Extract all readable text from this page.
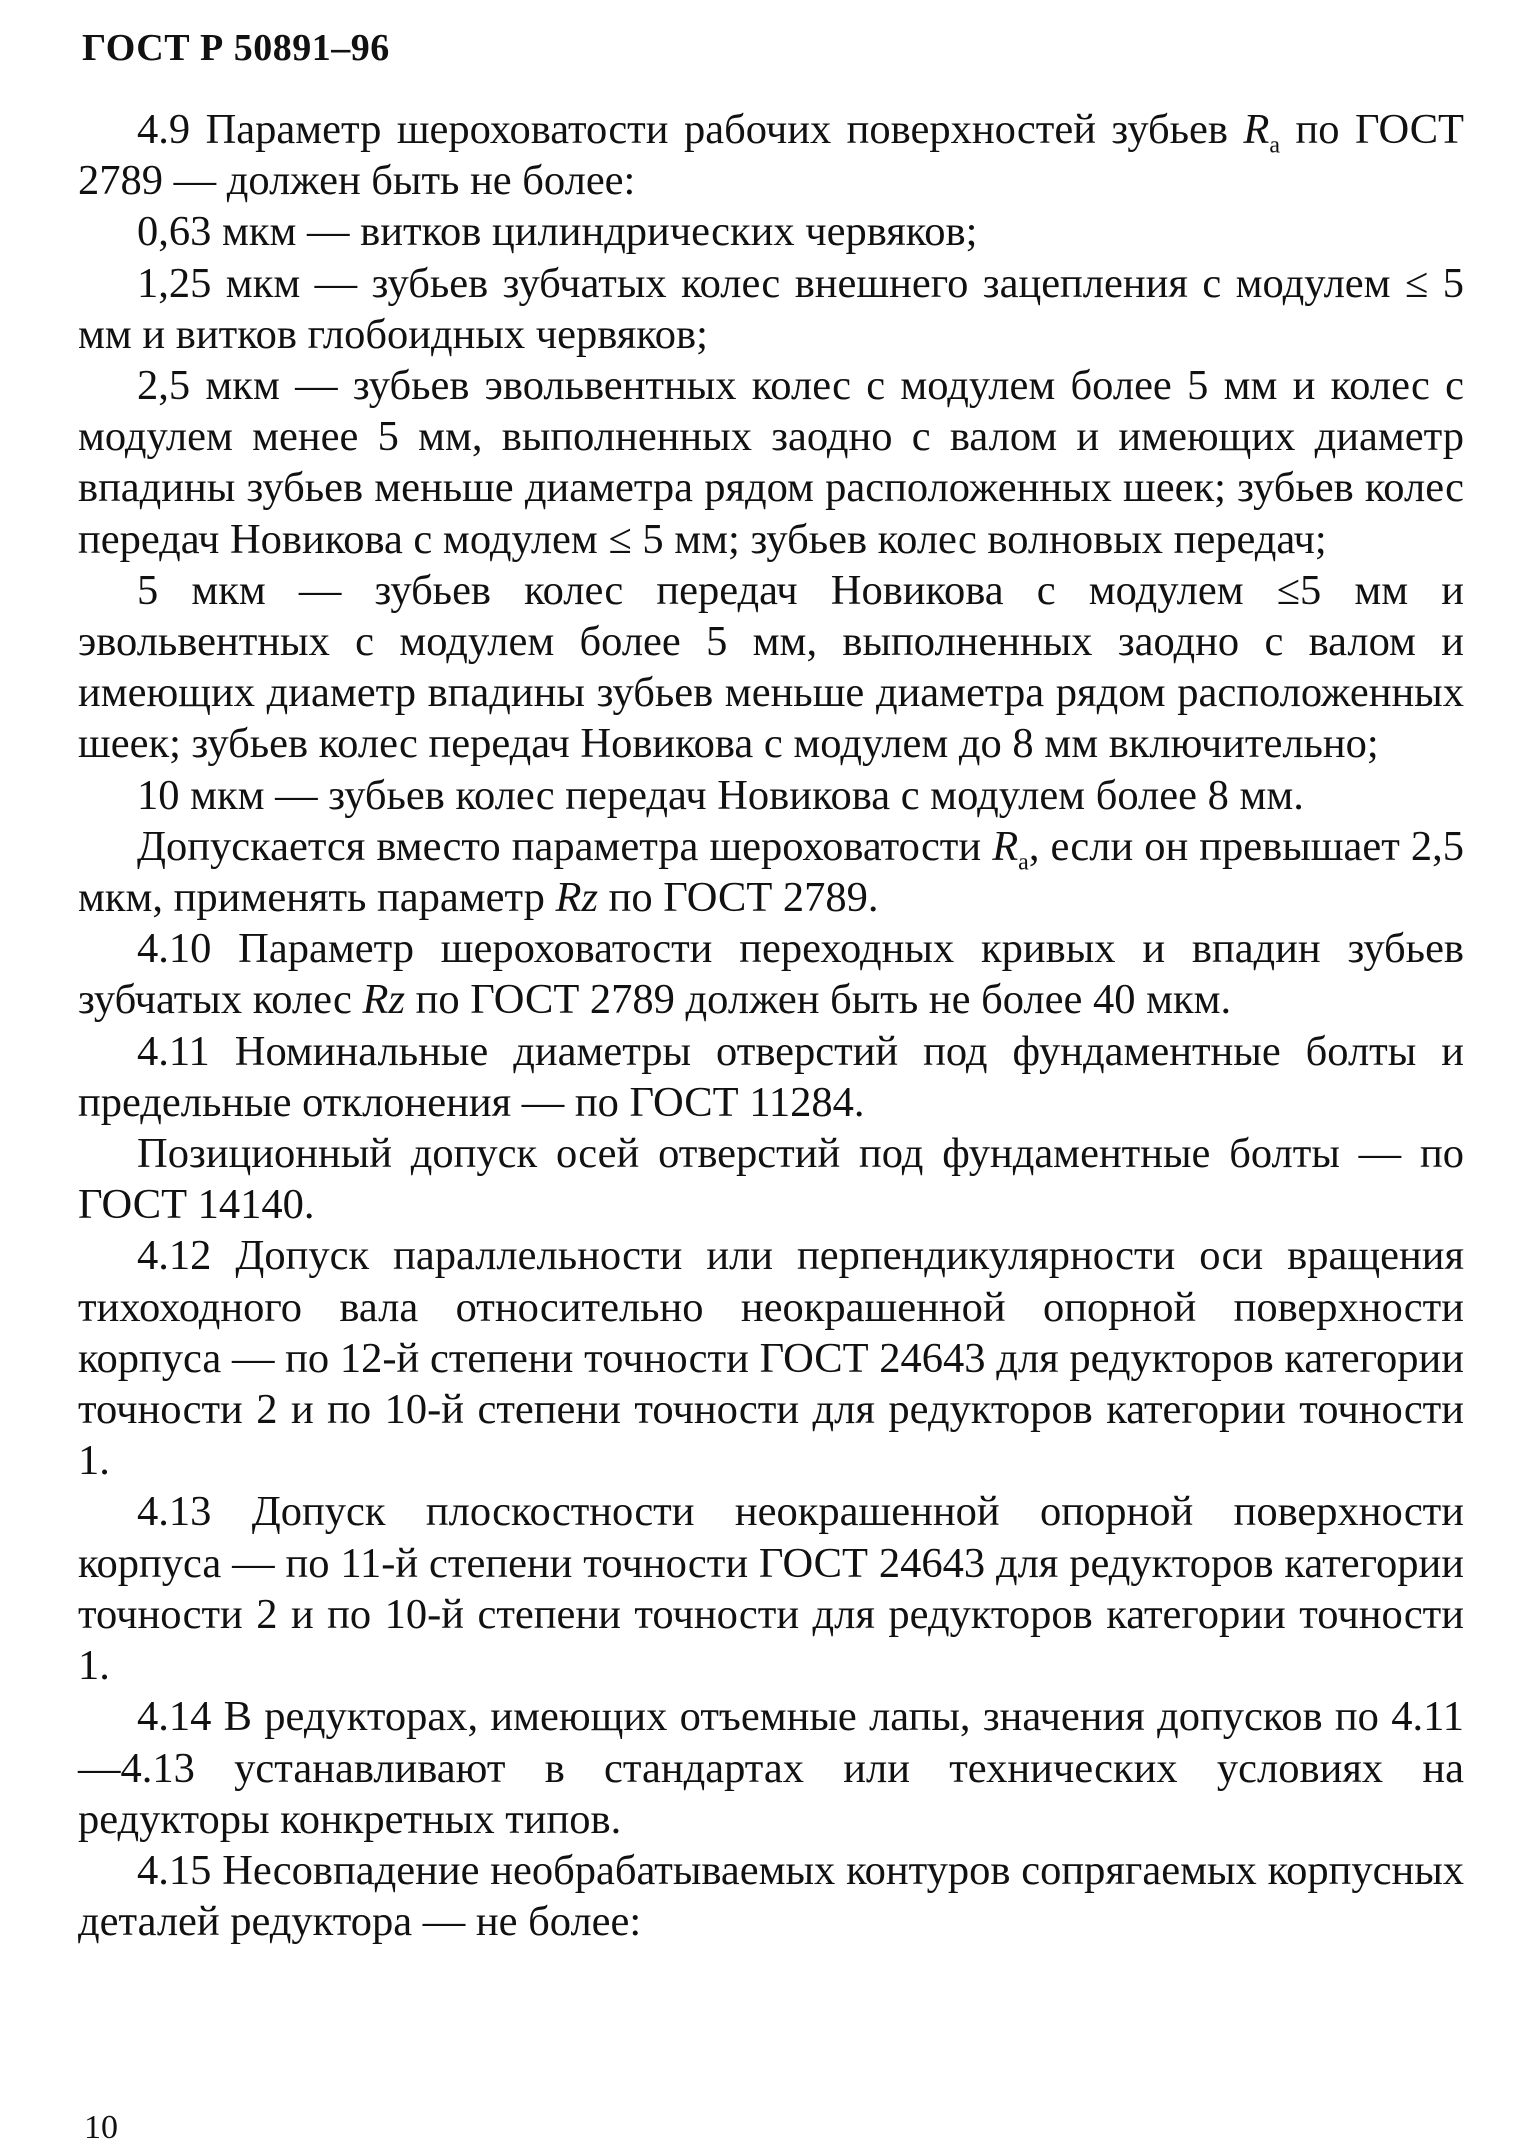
ГОСТ Р 50891–96

4.9 Параметр шероховатости рабочих поверхностей зубьев $R_a$ по ГОСТ 2789 — должен быть не более:

0,63 мкм — витков цилиндрических червяков;

1,25 мкм — зубьев зубчатых колес внешнего зацепления с модулем ≤ 5 мм и витков глобоидных червяков;

2,5 мкм — зубьев эвольвентных колес с модулем более 5 мм и колес с модулем менее 5 мм, выполненных заодно с валом и имеющих диаметр впадины зубьев меньше диаметра рядом расположенных шеек; зубьев колес передач Новикова с модулем ≤ 5 мм; зубьев колес волновых передач;

5 мкм — зубьев колес передач Новикова с модулем ≤5 мм и эвольвентных с модулем более 5 мм, выполненных заодно с валом и имеющих диаметр впадины зубьев меньше диаметра рядом расположенных шеек; зубьев колес передач Новикова с модулем до 8 мм включительно;

10 мкм — зубьев колес передач Новикова с модулем более 8 мм.

Допускается вместо параметра шероховатости $R_a$, если он превышает 2,5 мкм, применять параметр Rz по ГОСТ 2789.

4.10 Параметр шероховатости переходных кривых и впадин зубьев зубчатых колес Rz по ГОСТ 2789 должен быть не более 40 мкм.

4.11 Номинальные диаметры отверстий под фундаментные болты и предельные отклонения — по ГОСТ 11284.

Позиционный допуск осей отверстий под фундаментные болты — по ГОСТ 14140.

4.12 Допуск параллельности или перпендикулярности оси вращения тихоходного вала относительно неокрашенной опорной поверхности корпуса — по 12-й степени точности ГОСТ 24643 для редукторов категории точности 2 и по 10-й степени точности для редукторов категории точности 1.

4.13 Допуск плоскостности неокрашенной опорной поверхности корпуса — по 11-й степени точности ГОСТ 24643 для редукторов категории точности 2 и по 10-й степени точности для редукторов категории точности 1.

4.14 В редукторах, имеющих отъемные лапы, значения допусков по 4.11—4.13 устанавливают в стандартах или технических условиях на редукторы конкретных типов.

4.15 Несовпадение необрабатываемых контуров сопрягаемых корпусных деталей редуктора — не более:

10
